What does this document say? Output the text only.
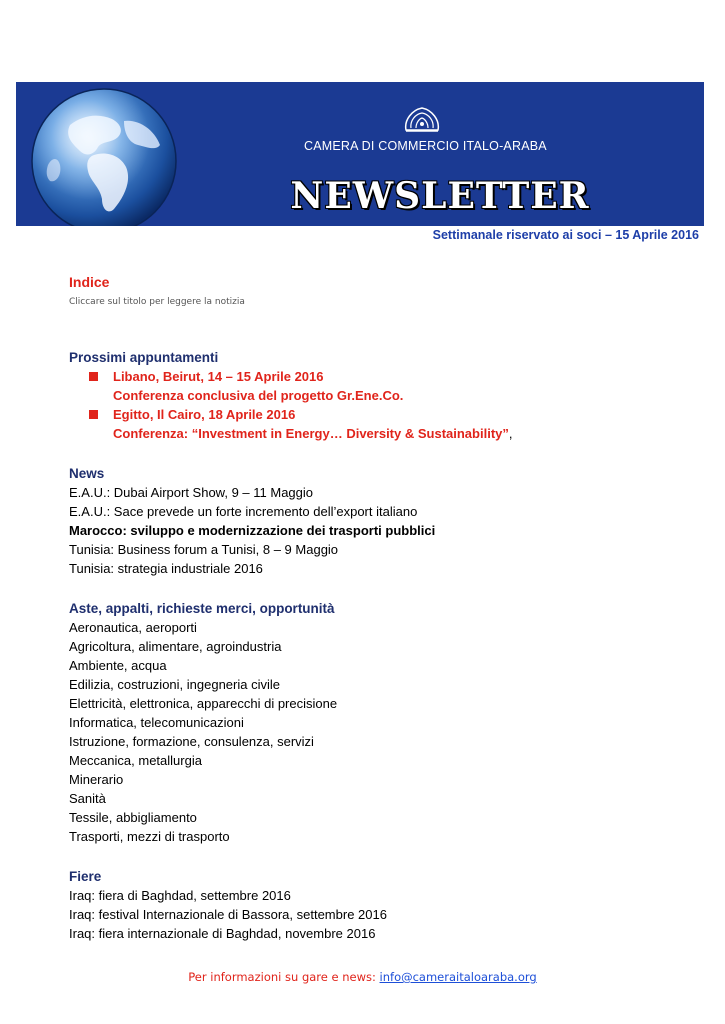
CAMERA DI COMMERCIO ITALO-ARABA
NEWSLETTER
Settimanale riservato ai soci – 15 Aprile 2016

Indice

Cliccare sul titolo per leggere la notizia

Prossimi appuntamenti

Libano, Beirut, 14 – 15 Aprile 2016

Conferenza conclusiva del progetto Gr.Ene.Co.

Egitto, Il Cairo, 18 Aprile 2016

Conferenza: “Investment in Energy… Diversity & Sustainability”,

News

E.A.U.: Dubai Airport Show, 9 – 11 Maggio

E.A.U.: Sace prevede un forte incremento dell’export italiano

Marocco: sviluppo e modernizzazione dei trasporti pubblici

Tunisia: Business forum a Tunisi, 8 – 9 Maggio

Tunisia: strategia industriale 2016

Aste, appalti, richieste merci, opportunità

Aeronautica, aeroporti

Agricoltura, alimentare, agroindustria

Ambiente, acqua

Edilizia, costruzioni, ingegneria civile

Elettricità, elettronica, apparecchi di precisione

Informatica, telecomunicazioni

Istruzione, formazione, consulenza, servizi

Meccanica, metallurgia

Minerario

Sanità

Tessile, abbigliamento

Trasporti, mezzi di trasporto

Fiere

Iraq: fiera di Baghdad, settembre 2016

Iraq: festival Internazionale di Bassora, settembre 2016

Iraq: fiera internazionale di Baghdad, novembre 2016

Per informazioni su gare e news: info@cameraitaloaraba.org
